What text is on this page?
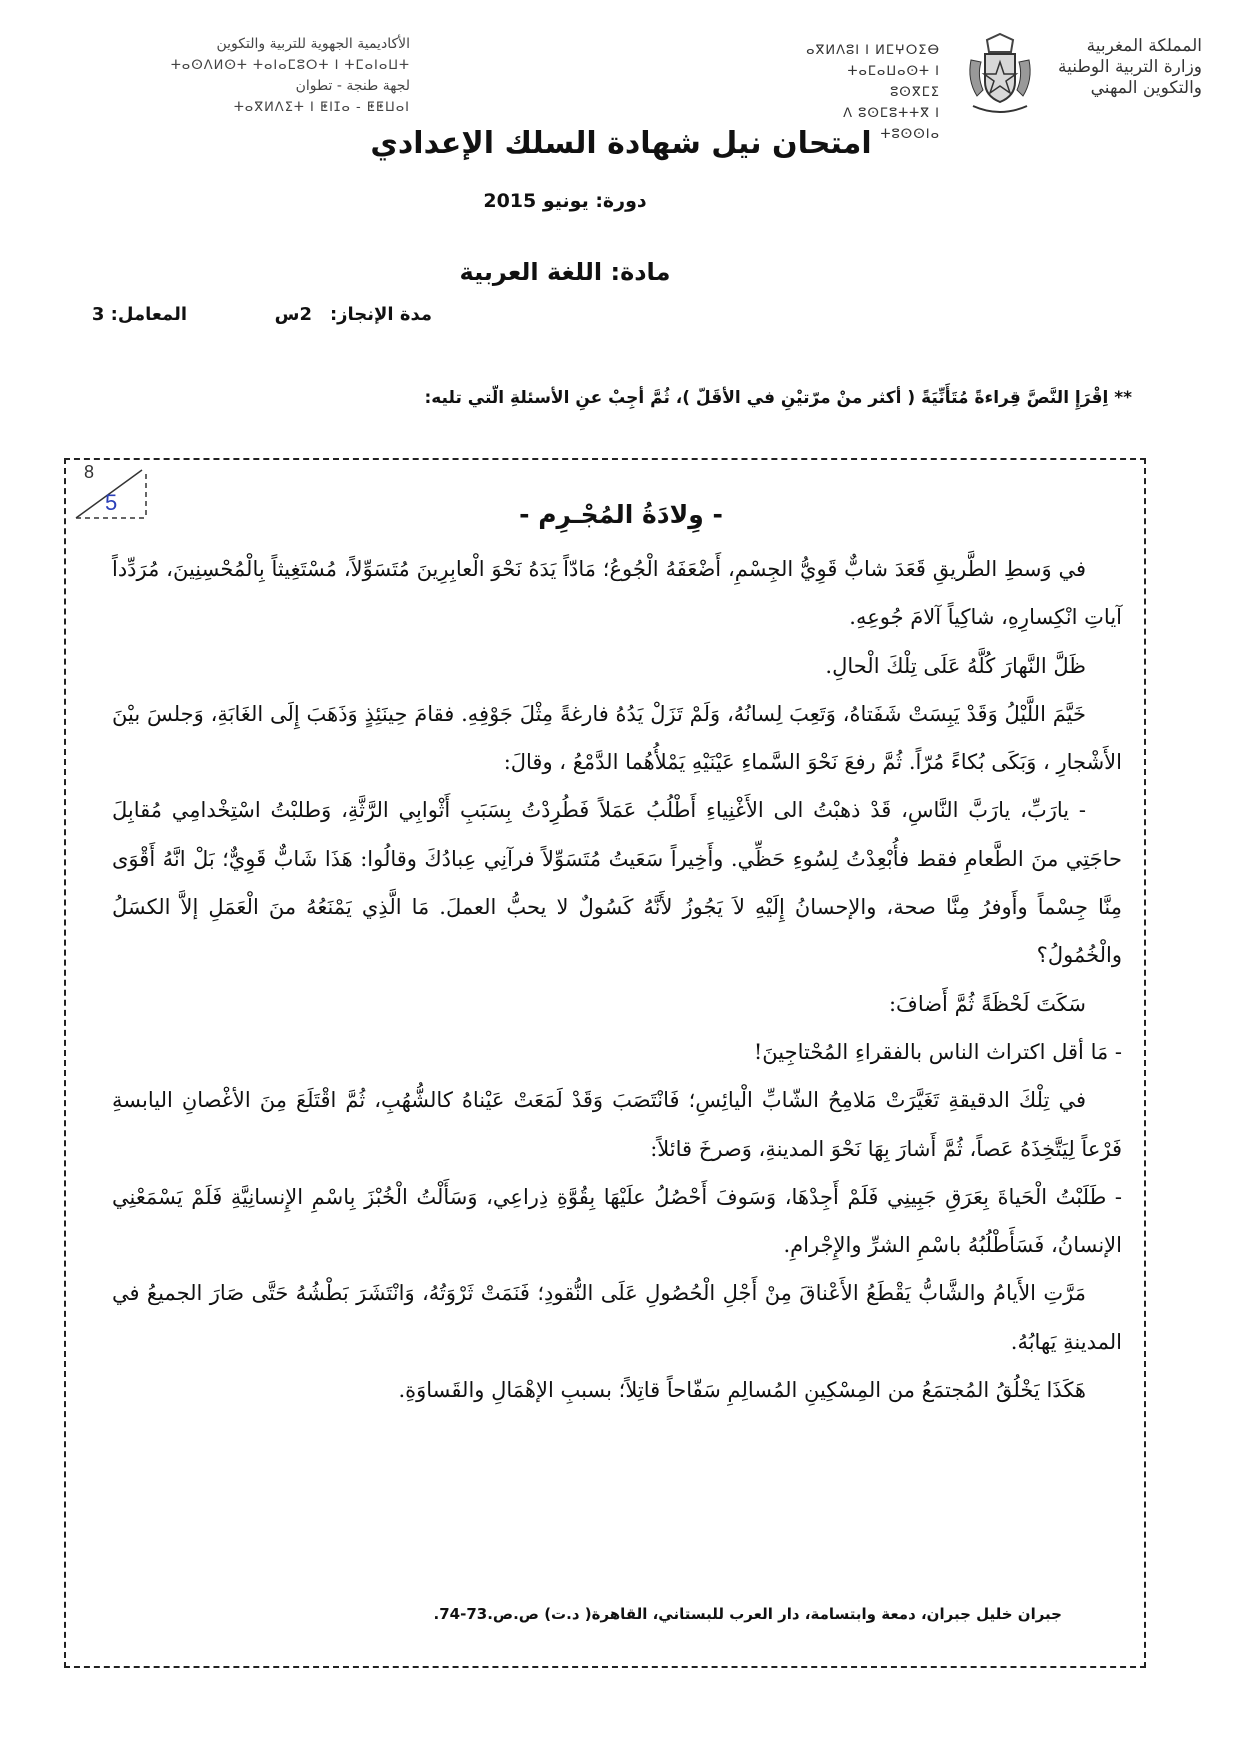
المملكة المغربية
وزارة التربية الوطنية
والتكوين المهني
ⴰⴳⵍⴷⵓⵏ ⵏ ⵍⵎⵖⵔⵉⴱ
ⵜⴰⵎⴰⵡⴰⵙⵜ ⵏ ⵓⵙⴳⵎⵉ
ⴷ ⵓⵙⵎⵓⵜⵜⴳ ⵏ ⵜⵓⵙⵙⵏⴰ
الأكاديمية الجهوية للتربية والتكوين
ⵜⴰⵙⴷⵍⵙⵜ ⵜⴰⵏⴰⵎⵓⵔⵜ ⵏ ⵜⵎⴰⵏⴰⵡⵜ
لجهة طنجة - تطوان
ⵜⴰⴳⵍⴷⵉⵜ ⵏ ⵟⵏⵊⴰ - ⵟⵟⵡⴰⵏ
امتحان نيل شهادة السلك الإعدادي
دورة: يونيو 2015
مادة: اللغة العربية
مدة الإنجاز:
2س
المعامل: 3
** اِقْرَإِ النَّصَّ قِراءةً مُتَأَنِّيَةً ( أكثر منْ مرّتيْنِ في الأقَلّ )، ثُمَّ أجِبْ عنِ الأسئلةِ الّتي تليه:
8
5	- وِلادَةُ المُجْـرِم -

في وَسطِ الطَّريقِ قَعَدَ شابٌّ قَوِيُّ الجِسْمِ، أَضْعَفَهُ الْجُوعُ؛ مَادّاً يَدَهُ نَحْوَ الْعابِرِينَ مُتَسَوِّلاً، مُسْتَغِيثاً بِالْمُحْسِنِينَ، مُرَدِّداً آياتِ انْكِسارِهِ، شاكِياً آلامَ جُوعِهِ.

ظَلَّ النَّهارَ كُلَّهُ عَلَى تِلْكَ الْحالِ.

خَيَّمَ اللَّيْلُ وَقَدْ يَبِسَتْ شَفَتاهُ، وَتَعِبَ لِسانُهُ، وَلَمْ تَزَلْ يَدُهُ فارغةً مِثْلَ جَوْفِهِ. فقامَ حِينَئِذٍ وَذَهَبَ إِلَى الغَابَةِ، وَجلسَ بيْنَ الأَشْجارِ ، وَبَكَى بُكاءً مُرّاً. ثُمَّ رفعَ نَحْوَ السَّماءِ عَيْنَيْهِ يَمْلأُهُما الدَّمْعُ ، وقالَ:

- يارَبِّ، يارَبَّ النَّاسِ، قَدْ ذهبْتُ الى الأَغْنِياءِ أَطْلُبُ عَمَلاً فَطُرِدْتُ بِسَبَبِ أَثْوابِي الرَّثَّةِ، وَطلبْتُ اسْتِخْدامِي مُقابِلَ حاجَتِي منَ الطَّعامِ فقط فأُبْعِدْتُ لِسُوءِ حَظِّي. وأَخِيراً سَعَيتُ مُتَسَوِّلاً فرآنِي عِبادُكَ وقالُوا: هَذَا شَابٌّ قَوِيٌّ؛ بَلْ انَّهُ أَقْوَى مِنَّا جِسْماً وأَوفرُ مِنَّا صحة، والإحسانُ إِلَيْهِ لاَ يَجُوزُ لأَنَّهُ كَسُولٌ لا يحبُّ العملَ. مَا الَّذِي يَمْنَعُهُ منَ الْعَمَلِ إلاَّ الكسَلُ والْخُمُولُ؟

سَكَتَ لَحْظَةً ثُمَّ أَضافَ:

- مَا أقل اكتراث الناس بالفقراءِ المُحْتاجِينَ!

في تِلْكَ الدقيقةِ تَغَيَّرَتْ مَلامِحُ الشّابِّ الْيائِسِ؛ فَانْتَصَبَ وَقَدْ لَمَعَتْ عَيْناهُ كالشُّهُبِ، ثُمَّ اقْتَلَعَ مِنَ الأغْصانِ اليابسةِ فَرْعاً لِيَتَّخِذَهُ عَصاً، ثُمَّ أَشارَ بِهَا نَحْوَ المدينةِ، وَصرخَ قائلاً:

- طَلَبْتُ الْحَياةَ بِعَرَقِ جَبِينِي فَلَمْ أَجِدْهَا، وَسَوفَ أَحْصُلُ علَيْهَا بِقُوَّةِ ذِراعِي، وَسَأَلْتُ الْخُبْزَ بِاسْمِ الإِنسانِيَّةِ فَلَمْ يَسْمَعْنِي الإنسانُ، فَسَأَطْلُبُهُ باسْمِ الشرِّ والإِجْرامِ.

مَرَّتِ الأَيامُ والشَّابُّ يَقْطَعُ الأَعْناقَ مِنْ أَجْلِ الْحُصُولِ عَلَى النُّقودِ؛ فَنَمَتْ ثَرْوَتُهُ، وَانْتَشَرَ بَطْشُهُ حَتَّى صَارَ الجميعُ في المدينةِ يَهابُهُ.

هَكَذَا يَخْلُقُ المُجتمَعُ من المِسْكِينِ المُسالِمِ سَفّاحاً قاتِلاً؛ بسببِ الإهْمَالِ والقَساوَةِ.

جبران خليل جبران، دمعة وابتسامة، دار العرب للبستاني، القاهرة( د.ت) ص.ص.73-74.
